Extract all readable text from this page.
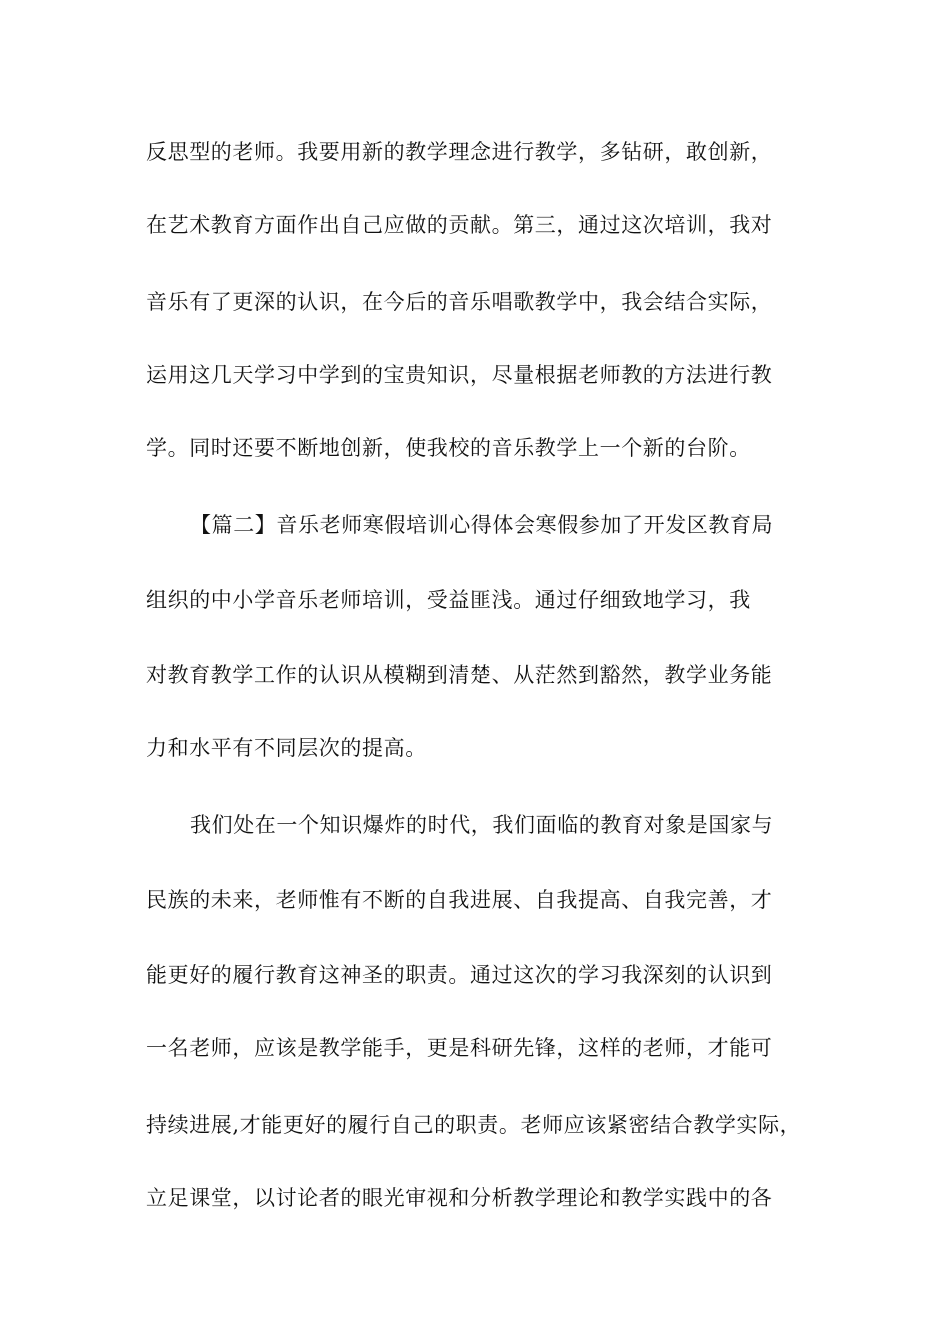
反思型的老师。我要用新的教学理念进行教学，多钻研，敢创新，
在艺术教育方面作出自己应做的贡献。第三，通过这次培训，我对
音乐有了更深的认识，在今后的音乐唱歌教学中，我会结合实际，
运用这几天学习中学到的宝贵知识，尽量根据老师教的方法进行教
学。同时还要不断地创新，使我校的音乐教学上一个新的台阶。
【篇二】音乐老师寒假培训心得体会寒假参加了开发区教育局
组织的中小学音乐老师培训，受益匪浅。通过仔细致地学习，我
对教育教学工作的认识从模糊到清楚、从茫然到豁然，教学业务能
力和水平有不同层次的提高。
我们处在一个知识爆炸的时代，我们面临的教育对象是国家与
民族的未来，老师惟有不断的自我进展、自我提高、自我完善，才
能更好的履行教育这神圣的职责。通过这次的学习我深刻的认识到
一名老师，应该是教学能手，更是科研先锋，这样的老师，才能可
持续进展,才能更好的履行自己的职责。老师应该紧密结合教学实际，
立足课堂，以讨论者的眼光审视和分析教学理论和教学实践中的各
